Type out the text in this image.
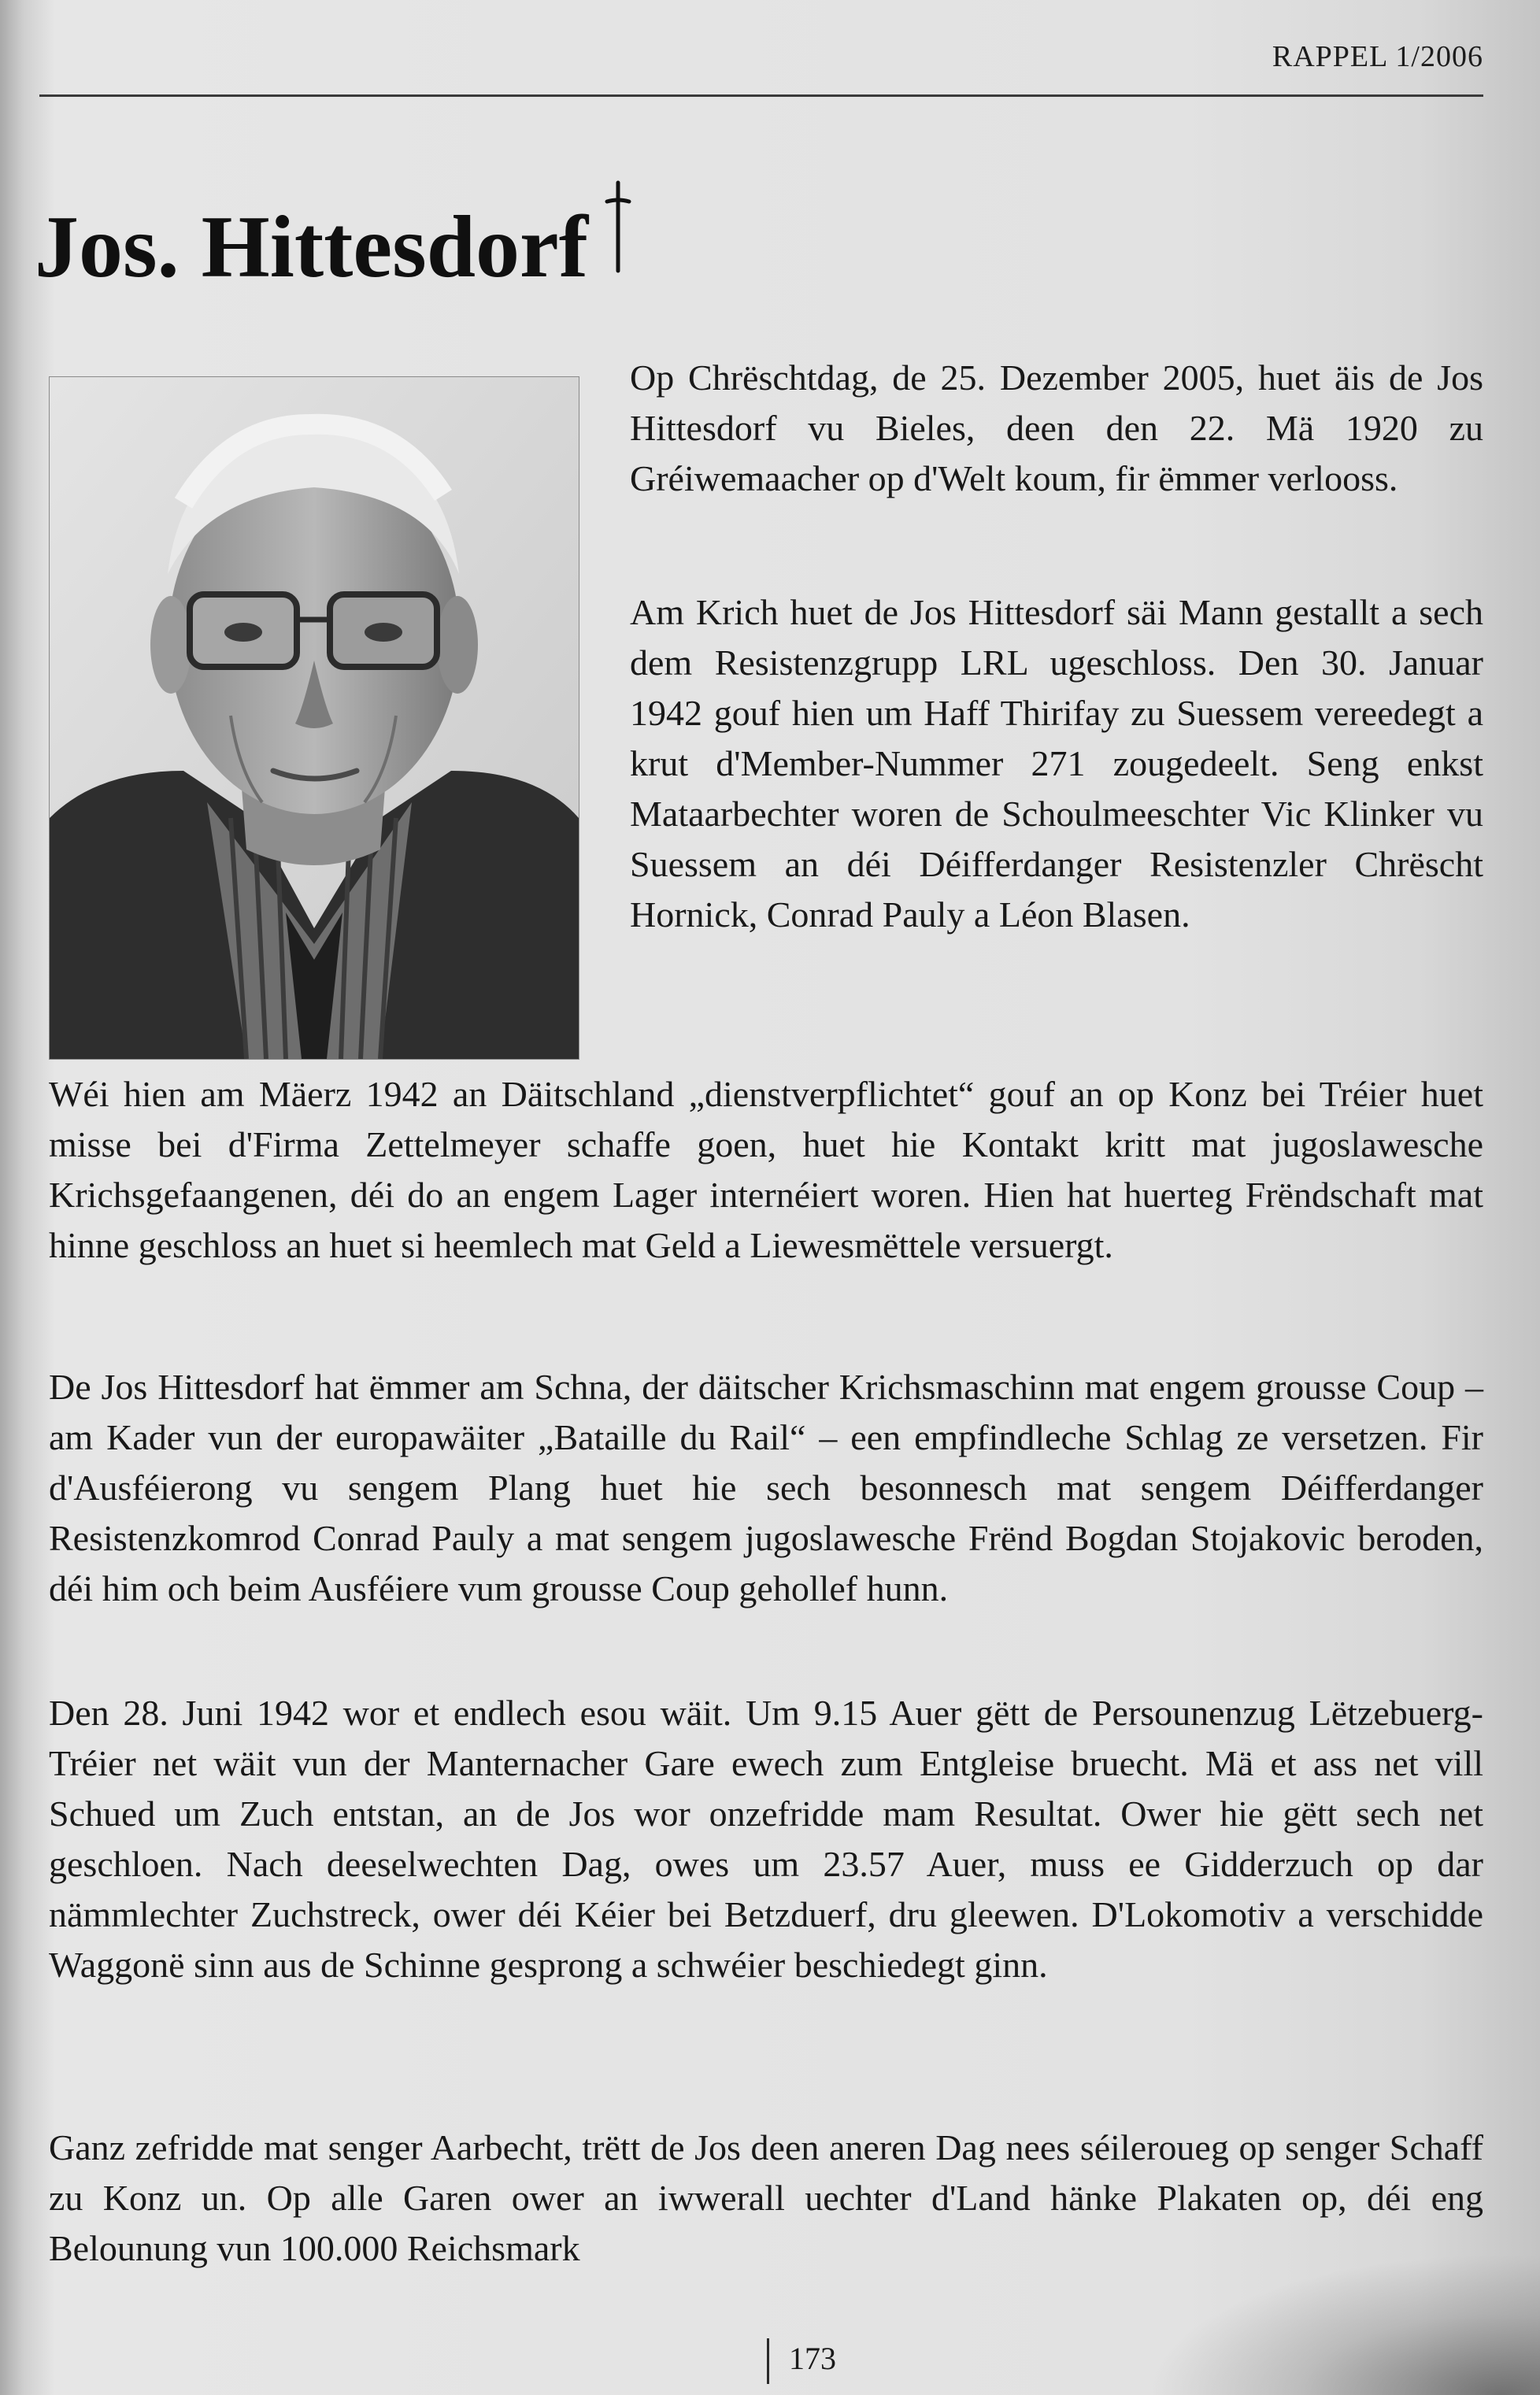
RAPPEL 1/2006
Jos. Hittesdorf

Op Chrëschtdag, de 25. Dezember 2005, huet äis de Jos Hittesdorf vu Bieles, deen den 22. Mä 1920 zu Gréiwemaacher op d'Welt koum, fir ëmmer verlooss.

Am Krich huet de Jos Hittesdorf säi Mann gestallt a sech dem Resistenzgrupp LRL ugeschloss. Den 30. Januar 1942 gouf hien um Haff Thirifay zu Suessem vereedegt a krut d'Member-Nummer 271 zougedeelt. Seng enkst Mataarbechter woren de Schoulmeeschter Vic Klinker vu Suessem an déi Déifferdanger Resistenzler Chrëscht Hornick, Conrad Pauly a Léon Blasen.

Wéi hien am Mäerz 1942 an Däitschland „dienstverpflichtet“ gouf an op Konz bei Tréier huet misse bei d'Firma Zettelmeyer schaffe goen, huet hie Kontakt kritt mat jugoslawesche Krichsgefaangenen, déi do an engem Lager internéiert woren. Hien hat huerteg Frëndschaft mat hinne geschloss an huet si heemlech mat Geld a Liewesmëttele versuergt.

De Jos Hittesdorf hat ëmmer am Schna, der däitscher Krichsmaschinn mat engem grousse Coup – am Kader vun der europawäiter „Bataille du Rail“ – een empfindleche Schlag ze versetzen. Fir d'Ausféierong vu sengem Plang huet hie sech besonnesch mat sengem Déifferdanger Resistenzkomrod Conrad Pauly a mat sengem jugoslawesche Frënd Bogdan Stojakovic beroden, déi him och beim Ausféiere vum grousse Coup gehollef hunn.

Den 28. Juni 1942 wor et endlech esou wäit. Um 9.15 Auer gëtt de Persounenzug Lëtzebuerg-Tréier net wäit vun der Manternacher Gare ewech zum Entgleise bruecht. Mä et ass net vill Schued um Zuch entstan, an de Jos wor onzefridde mam Resultat. Ower hie gëtt sech net geschloen. Nach deeselwechten Dag, owes um 23.57 Auer, muss ee Gidderzuch op dar nämmlechter Zuchstreck, ower déi Kéier bei Betzduerf, dru gleewen. D'Lokomotiv a verschidde Waggonë sinn aus de Schinne gesprong a schwéier beschiedegt ginn.

Ganz zefridde mat senger Aarbecht, trëtt de Jos deen aneren Dag nees séileroueg op senger Schaff zu Konz un. Op alle Garen ower an iwwerall uechter d'Land hänke Plakaten op, déi eng Belounung vun 100.000 Reichsmark

173
